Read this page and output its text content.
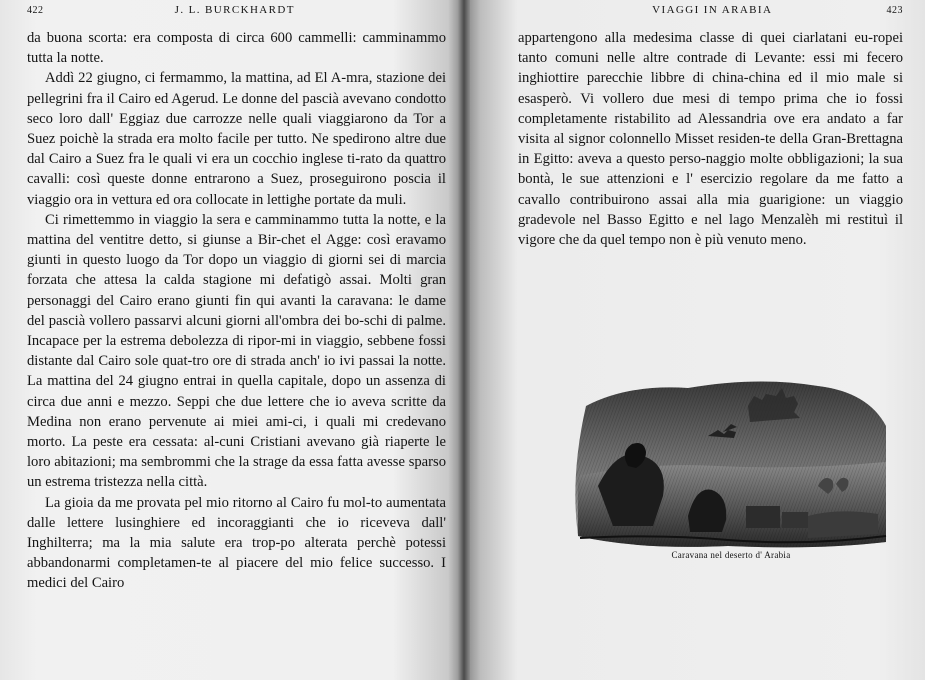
422	J. L. BURCKHARDT

da buona scorta: era composta di circa 600 cammelli: camminammo tutta la notte.

Addì 22 giugno, ci fermammo, la mattina, ad El A-mra, stazione dei pellegrini fra il Cairo ed Agerud. Le donne del pascià avevano condotto seco loro dall' Eggiaz due carrozze nelle quali viaggiarono da Tor a Suez poichè la strada era molto facile per tutto. Ne spedirono altre due dal Cairo a Suez fra le quali vi era un cocchio inglese ti-rato da quattro cavalli: così queste donne entrarono a Suez, proseguirono poscia il viaggio ora in vettura ed ora collocate in lettighe portate da muli.

Ci rimettemmo in viaggio la sera e camminammo tutta la notte, e la mattina del ventitre detto, si giunse a Bir-chet el Agge: così eravamo giunti in questo luogo da Tor dopo un viaggio di giorni sei di marcia forzata che attesa la calda stagione mi defatigò assai. Molti gran personaggi del Cairo erano giunti fin qui avanti la caravana: le dame del pascià vollero passarvi alcuni giorni all'ombra dei bo-schi di palme. Incapace per la estrema debolezza di ripor-mi in viaggio, sebbene fossi distante dal Cairo sole quat-tro ore di strada anch' io ivi passai la notte. La mattina del 24 giugno entrai in quella capitale, dopo un assenza di circa due anni e mezzo. Seppi che due lettere che io aveva scritte da Medina non erano pervenute ai miei ami-ci, i quali mi credevano morto. La peste era cessata: al-cuni Cristiani avevano già riaperte le loro abitazioni; ma sembrommi che la strage da essa fatta avesse sparso un estrema tristezza nella città.

La gioia da me provata pel mio ritorno al Cairo fu mol-to aumentata dalle lettere lusinghiere ed incoraggianti che io riceveva dall' Inghilterra; ma la mia salute era trop-po alterata perchè potessi abbandonarmi completamen-te al piacere del mio felice successo. I medici del Cairo

VIAGGI IN ARABIA	423

appartengono alla medesima classe di quei ciarlatani eu-ropei tanto comuni nelle altre contrade di Levante: essi mi fecero inghiottire parecchie libbre di china-china ed il mio male si esasperò. Vi vollero due mesi di tempo prima che io fossi completamente ristabilito ad Alessandria ove era andato a far visita al signor colonnello Misset residen-te della Gran-Brettagna in Egitto: aveva a questo perso-naggio molte obbligazioni; la sua bontà, le sue attenzioni e l' esercizio regolare da me fatto a cavallo contribuirono assai alla mia guarigione: un viaggio gradevole nel Basso Egitto e nel lago Menzalèh mi restituì il vigore che da quel tempo non è più venuto meno.

Caravana nel deserto d' Arabia
